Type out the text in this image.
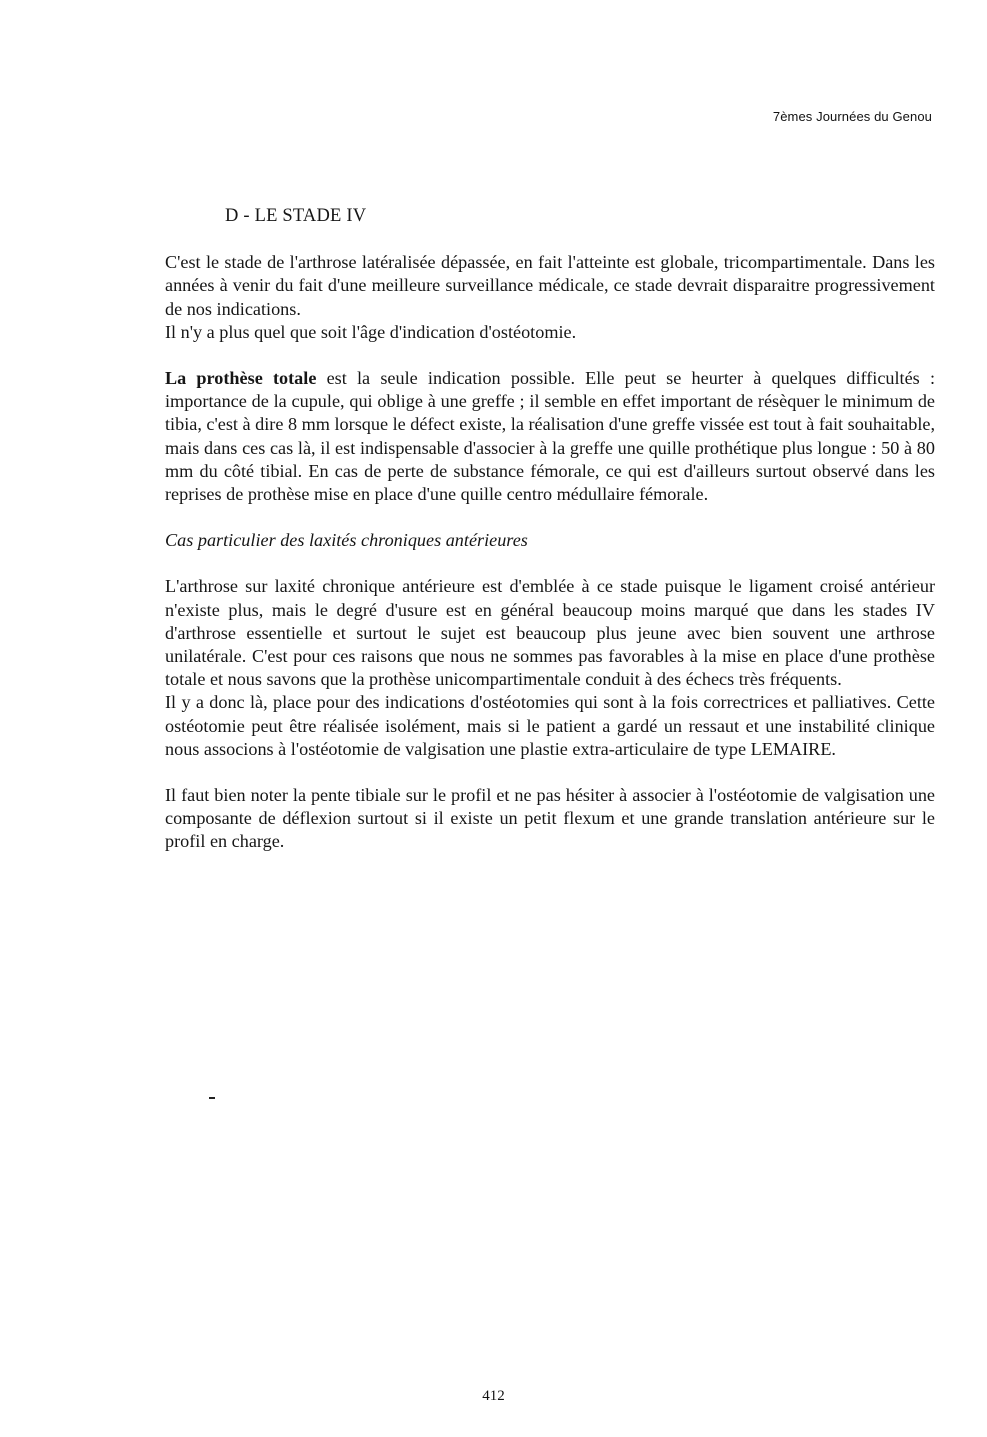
7èmes Journées du Genou
D - LE STADE IV

C'est le stade de l'arthrose latéralisée dépassée, en fait l'atteinte est globale, tricompartimentale. Dans les années à venir du fait d'une meilleure surveillance médicale, ce stade devrait disparaitre progressivement de nos indications.

Il n'y a plus quel que soit l'âge d'indication d'ostéotomie.

La prothèse totale est la seule indication possible. Elle peut se heurter à quelques difficultés : importance de la cupule, qui oblige à une greffe ; il semble en effet important de résèquer le minimum de tibia, c'est à dire 8 mm lorsque le défect existe, la réalisation d'une greffe vissée est tout à fait souhaitable, mais dans ces cas là, il est indispensable d'associer à la greffe une quille prothétique plus longue : 50 à 80 mm du côté tibial. En cas de perte de substance fémorale, ce qui est d'ailleurs surtout observé dans les reprises de prothèse mise en place d'une quille centro médullaire fémorale.

Cas particulier des laxités chroniques antérieures

L'arthrose sur laxité chronique antérieure est d'emblée à ce stade puisque le ligament croisé antérieur n'existe plus, mais le degré d'usure est en général beaucoup moins marqué que dans les stades IV d'arthrose essentielle et surtout le sujet est beaucoup plus jeune avec bien souvent une arthrose unilatérale. C'est pour ces raisons que nous ne sommes pas favorables à la mise en place d'une prothèse totale et nous savons que la prothèse unicompartimentale conduit à des échecs très fréquents.

Il y a donc là, place pour des indications d'ostéotomies qui sont à la fois correctrices et palliatives. Cette ostéotomie peut être réalisée isolément, mais si le patient a gardé un ressaut et une instabilité clinique nous associons à l'ostéotomie de valgisation une plastie extra-articulaire de type LEMAIRE.

Il faut bien noter la pente tibiale sur le profil et ne pas hésiter à associer à l'ostéotomie de valgisation une composante de déflexion surtout si il existe un petit flexum et une grande translation antérieure sur le profil en charge.

412
